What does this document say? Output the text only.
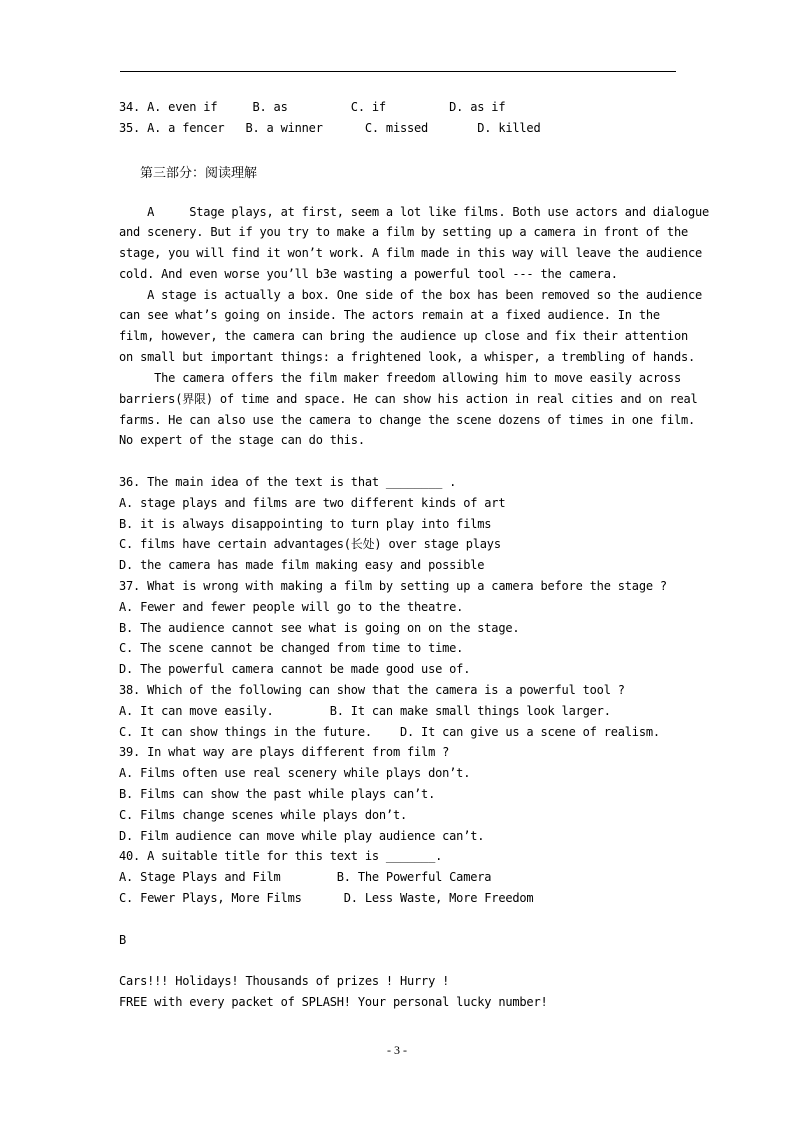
34. A. even if     B. as         C. if         D. as if
35. A. a fencer   B. a winner      C. missed       D. killed
第三部分：阅读理解
A     Stage plays, at first, seem a lot like films. Both use actors and dialogue
and scenery. But if you try to make a film by setting up a camera in front of the
stage, you will find it won’t work. A film made in this way will leave the audience
cold. And even worse you’ll b3e wasting a powerful tool --- the camera.
A stage is actually a box. One side of the box has been removed so the audience
can see what’s going on inside. The actors remain at a fixed audience. In the
film, however, the camera can bring the audience up close and fix their attention
on small but important things: a frightened look, a whisper, a trembling of hands.
The camera offers the film maker freedom allowing him to move easily across
barriers(界限) of time and space. He can show his action in real cities and on real
farms. He can also use the camera to change the scene dozens of times in one film.
No expert of the stage can do this.
36. The main idea of the text is that ________ .
A. stage plays and films are two different kinds of art
B. it is always disappointing to turn play into films
C. films have certain advantages(长处) over stage plays
D. the camera has made film making easy and possible
37. What is wrong with making a film by setting up a camera before the stage ?
A. Fewer and fewer people will go to the theatre.
B. The audience cannot see what is going on on the stage.
C. The scene cannot be changed from time to time.
D. The powerful camera cannot be made good use of.
38. Which of the following can show that the camera is a powerful tool ?
A. It can move easily.        B. It can make small things look larger.
C. It can show things in the future.    D. It can give us a scene of realism.
39. In what way are plays different from film ?
A. Films often use real scenery while plays don’t.
B. Films can show the past while plays can’t.
C. Films change scenes while plays don’t.
D. Film audience can move while play audience can’t.
40. A suitable title for this text is _______.
A. Stage Plays and Film        B. The Powerful Camera
C. Fewer Plays, More Films      D. Less Waste, More Freedom
B
Cars!!! Holidays! Thousands of prizes ! Hurry !
FREE with every packet of SPLASH! Your personal lucky number!
- 3 -
